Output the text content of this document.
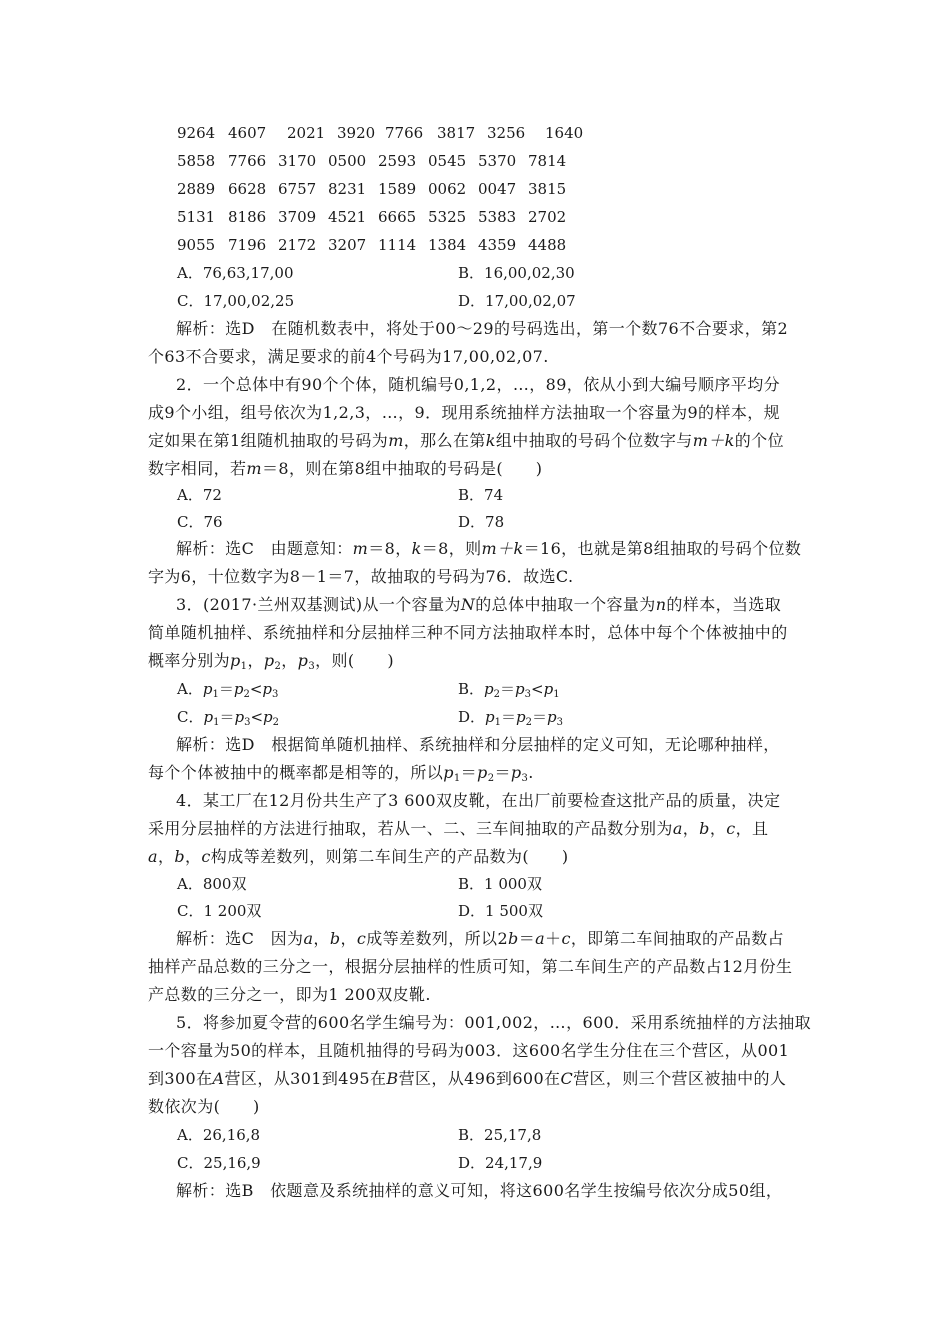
9264 4607 2021 3920 7766 3817 3256 1640
5858 7766 3170 0500 2593 0545 5370 7814
2889 6628 6757 8231 1589 0062 0047 3815
5131 8186 3709 4521 6665 5325 5383 2702
9055 7196 2172 3207 1114 1384 4359 4488
A．76,63,17,00	B．16,00,02,30
C．17,00,02,25	D．17,00,02,07
解析：选D　在随机数表中，将处于00～29的号码选出，第一个数76不合要求，第2
个63不合要求，满足要求的前4个号码为17,00,02,07.
2．一个总体中有90个个体，随机编号0,1,2，…，89，依从小到大编号顺序平均分
成9个小组，组号依次为1,2,3，…，9．现用系统抽样方法抽取一个容量为9的样本，规
定如果在第1组随机抽取的号码为m，那么在第k组中抽取的号码个位数字与m＋k的个位
数字相同，若m＝8，则在第8组中抽取的号码是(　　)
A．72	B．74
C．76	D．78
解析：选C　由题意知：m＝8，k＝8，则m＋k＝16，也就是第8组抽取的号码个位数
字为6，十位数字为8－1＝7，故抽取的号码为76．故选C.
3．(2017·兰州双基测试)从一个容量为N的总体中抽取一个容量为n的样本，当选取
简单随机抽样、系统抽样和分层抽样三种不同方法抽取样本时，总体中每个个体被抽中的
概率分别为$p_1$，$p_2$，$p_3$，则(　　)
A．$p_1=p_2<p_3$	B．$p_2=p_3<p_1$
C．$p_1=p_3<p_2$	D．$p_1=p_2=p_3$
解析：选D　根据简单随机抽样、系统抽样和分层抽样的定义可知，无论哪种抽样，
每个个体被抽中的概率都是相等的，所以$p_1=p_2=p_3$.
4．某工厂在12月份共生产了3 600双皮靴，在出厂前要检查这批产品的质量，决定
采用分层抽样的方法进行抽取，若从一、二、三车间抽取的产品数分别为a，b，c，且
a，b，c构成等差数列，则第二车间生产的产品数为(　　)
A．800双	B．1 000双
C．1 200双	D．1 500双
解析：选C　因为a，b，c成等差数列，所以2b＝a＋c，即第二车间抽取的产品数占
抽样产品总数的三分之一，根据分层抽样的性质可知，第二车间生产的产品数占12月份生
产总数的三分之一，即为1 200双皮靴.
5．将参加夏令营的600名学生编号为：001,002，…，600．采用系统抽样的方法抽取
一个容量为50的样本，且随机抽得的号码为003．这600名学生分住在三个营区，从001
到300在A营区，从301到495在B营区，从496到600在C营区，则三个营区被抽中的人
数依次为(　　)
A．26,16,8	B．25,17,8
C．25,16,9	D．24,17,9
解析：选B　依题意及系统抽样的意义可知，将这600名学生按编号依次分成50组，
